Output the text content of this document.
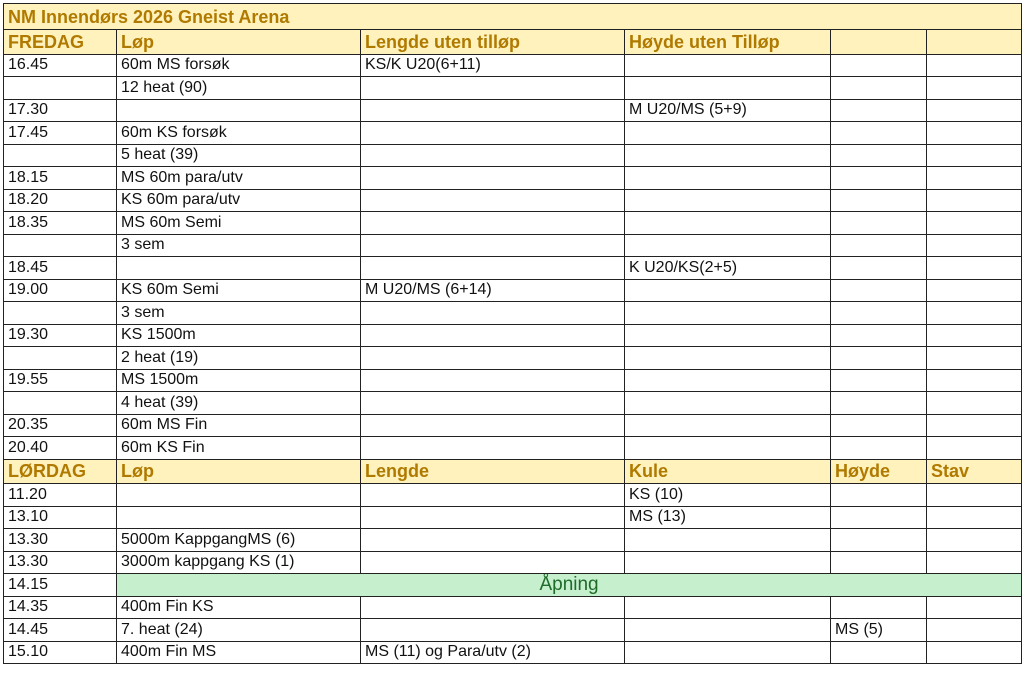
NM Innendørs 2026 Gneist Arena					
FREDAG	Løp	Lengde uten tilløp	Høyde uten Tilløp		
16.45	60m MS forsøk	KS/K U20(6+11)			
	12 heat (90)				
17.30			M U20/MS (5+9)		
17.45	60m KS forsøk				
	5 heat (39)				
18.15	MS 60m para/utv				
18.20	KS 60m para/utv				
18.35	MS 60m Semi				
	3 sem				
18.45			K U20/KS(2+5)		
19.00	KS 60m Semi	M U20/MS (6+14)			
	3 sem				
19.30	KS 1500m				
	2 heat (19)				
19.55	MS 1500m				
	4 heat (39)				
20.35	60m MS Fin				
20.40	60m KS Fin				
LØRDAG	Løp	Lengde	Kule	Høyde	Stav
11.20			KS (10)		
13.10			MS (13)		
13.30	5000m KappgangMS (6)				
13.30	3000m kappgang KS (1)				
14.15	Åpning				
14.35	400m Fin KS				
14.45	7. heat (24)			MS (5)	
15.10	400m Fin MS	MS (11) og Para/utv (2)			
